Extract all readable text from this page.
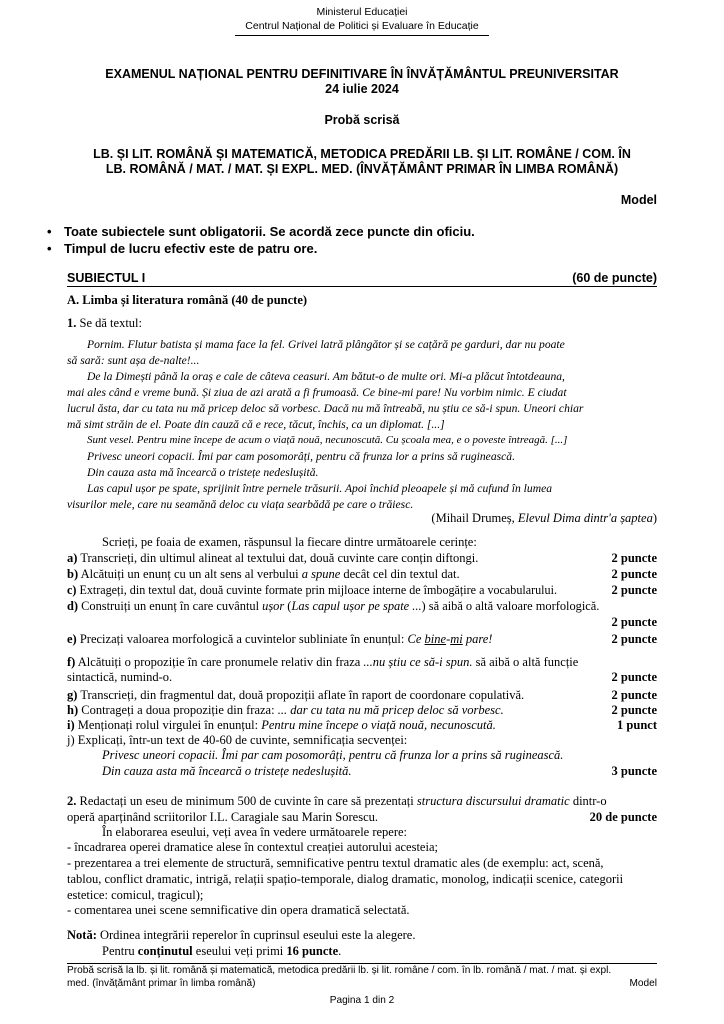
Ministerul Educației
Centrul Național de Politici și Evaluare în Educație
EXAMENUL NAȚIONAL PENTRU DEFINITIVARE ÎN ÎNVĂȚĂMÂNTUL PREUNIVERSITAR
24 iulie 2024
Probă scrisă
LB. ȘI LIT. ROMÂNĂ ȘI MATEMATICĂ, METODICA PREDĂRII LB. ȘI LIT. ROMÂNE / COM. ÎN
LB. ROMÂNĂ / MAT. / MAT. ȘI EXPL. MED. (ÎNVĂȚĂMÂNT PRIMAR ÎN LIMBA ROMÂNĂ)
Model
• Toate subiectele sunt obligatorii. Se acordă zece puncte din oficiu.
• Timpul de lucru efectiv este de patru ore.
SUBIECTUL I	(60 de puncte)
A. Limba și literatura română (40 de puncte)
1. Se dă textul:
Pornim. Flutur batista și mama face la fel. Grivei latră plângător și se cațără pe garduri, dar nu poate
să sară: sunt așa de-nalte!...
De la Dimești până la oraș e cale de câteva ceasuri. Am bătut-o de multe ori. Mi-a plăcut întotdeauna,
mai ales când e vreme bună. Și ziua de azi arată a fi frumoasă. Ce bine-mi pare! Nu vorbim nimic. E ciudat
lucrul ăsta, dar cu tata nu mă pricep deloc să vorbesc. Dacă nu mă întreabă, nu știu ce să-i spun. Uneori chiar
mă simt străin de el. Poate din cauză că e rece, tăcut, închis, ca un diplomat. [...]
Sunt vesel. Pentru mine începe de acum o viață nouă, necunoscută. Cu școala mea, e o poveste întreagă. [...]
Privesc uneori copacii. Îmi par cam posomorâți, pentru că frunza lor a prins să ruginească.
Din cauza asta mă încearcă o tristețe nedeslușită.
Las capul ușor pe spate, sprijinit între pernele trăsurii. Apoi închid pleoapele și mă cufund în lumea
visurilor mele, care nu seamănă deloc cu viața searbădă pe care o trăiesc.
(Mihail Drumeș, Elevul Dima dintr'a șaptea)
Scrieți, pe foaia de examen, răspunsul la fiecare dintre următoarele cerințe:
a) Transcrieți, din ultimul alineat al textului dat, două cuvinte care conțin diftongi.	2 puncte
b) Alcătuiți un enunț cu un alt sens al verbului a spune decât cel din textul dat.	2 puncte
c) Extrageți, din textul dat, două cuvinte formate prin mijloace interne de îmbogățire a vocabularului.	2 puncte
d) Construiți un enunț în care cuvântul ușor (Las capul ușor pe spate ...) să aibă o altă valoare morfologică.
2 puncte
e) Precizați valoarea morfologică a cuvintelor subliniate în enunțul: Ce bine-mi pare!	2 puncte
f) Alcătuiți o propoziție în care pronumele relativ din fraza ...nu știu ce să-i spun. să aibă o altă funcție
sintactică, numind-o.	2 puncte
g) Transcrieți, din fragmentul dat, două propoziții aflate în raport de coordonare copulativă.	2 puncte
h) Contrageți a doua propoziție din fraza: ... dar cu tata nu mă pricep deloc să vorbesc.	2 puncte
i) Menționați rolul virgulei în enunțul: Pentru mine începe o viață nouă, necunoscută.	1 punct
j) Explicați, într-un text de 40-60 de cuvinte, semnificația secvenței:
Privesc uneori copacii. Îmi par cam posomorâți, pentru că frunza lor a prins să ruginească.
Din cauza asta mă încearcă o tristețe nedeslușită.	3 puncte
2. Redactați un eseu de minimum 500 de cuvinte în care să prezentați structura discursului dramatic dintr-o
operă aparținând scriitorilor I.L. Caragiale sau Marin Sorescu.	20 de puncte
În elaborarea eseului, veți avea în vedere următoarele repere:
- încadrarea operei dramatice alese în contextul creației autorului acesteia;
- prezentarea a trei elemente de structură, semnificative pentru textul dramatic ales (de exemplu: act, scenă,
tablou, conflict dramatic, intrigă, relații spațio-temporale, dialog dramatic, monolog, indicații scenice, categorii
estetice: comicul, tragicul);
- comentarea unei scene semnificative din opera dramatică selectată.
Notă: Ordinea integrării reperelor în cuprinsul eseului este la alegere.
Pentru conținutul eseului veți primi 16 puncte.
Probă scrisă la lb. și lit. română și matematică, metodica predării lb. și lit. române / com. în lb. română / mat. / mat. și expl.
med. (învățământ primar în limba română)	Model
Pagina 1 din 2
